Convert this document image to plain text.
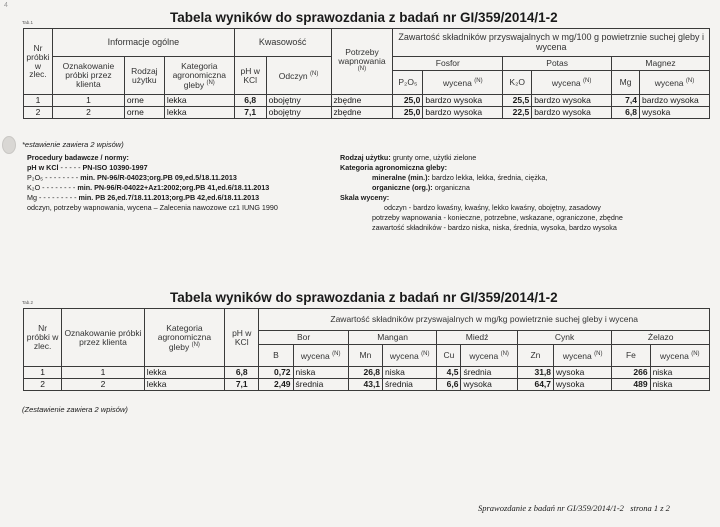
4
Tab.1	Tabela wyników do sprawozdania z badań nr GI/359/2014/1-2
Nr próbki w zlec.	Informacje ogólne			Kwasowość		Potrzeby wapnowania
$^{(N)}$	Zawartość składników przyswajalnych w mg/100 g powietrznie suchej gleby i wycena					
	Oznakowanie próbki przez klienta	Rodzaj użytku	Kategoria agronomiczna gleby $^{(N)}$	pH w KCl	Odczyn $^{(N)}$		Fosfor		Potas		Magnez	
							P₂O₅	wycena $^{(N)}$	K₂O	wycena $^{(N)}$	Mg	wycena $^{(N)}$
1	1	orne	lekka	6,8	obojętny	zbędne	25,0	bardzo wysoka	25,5	bardzo wysoka	7,4	bardzo wysoka
2	2	orne	lekka	7,1	obojętny	zbędne	25,0	bardzo wysoka	22,5	bardzo wysoka	6,8	wysoka
*estawienie zawiera 2 wpisów)
Procedury badawcze / normy:
pH w KCl - - - - - PN-ISO 10390-1997
P₂O₅ - - - - - - - - min. PN-96/R-04023;org.PB 09,ed.5/18.11.2013
K₂O - - - - - - - - min. PN-96/R-04022+Az1:2002;org.PB 41,ed.6/18.11.2013
Mg - - - - - - - - - min. PB 26,ed.7/18.11.2013;org.PB 42,ed.6/18.11.2013
odczyn, potrzeby wapnowania, wycena – Zalecenia nawozowe cz1 IUNG 1990
Rodzaj użytku: grunty orne, użytki zielone
Kategoria agronomiczna gleby:
mineralne (min.): bardzo lekka, lekka, średnia, ciężka,
organiczne (org.): organiczna
Skala wyceny:
odczyn - bardzo kwaśny, kwaśny, lekko kwaśny, obojętny, zasadowy
potrzeby wapnowania - konieczne, potrzebne, wskazane, ograniczone, zbędne
zawartość składników - bardzo niska, niska, średnia, wysoka, bardzo wysoka
Tab.2	Tabela wyników do sprawozdania z badań nr GI/359/2014/1-2
Nr próbki w zlec.	Oznakowanie próbki przez klienta	Kategoria agronomiczna gleby $^{(N)}$	pH w KCl	Zawartość składników przyswajalnych w mg/kg powietrznie suchej gleby i wycena									
				Bor		Mangan		Miedź		Cynk		Żelazo	
				B	wycena $^{(N)}$	Mn	wycena $^{(N)}$	Cu	wycena $^{(N)}$	Zn	wycena $^{(N)}$	Fe	wycena $^{(N)}$
1	1	lekka	6,8	0,72	niska	26,8	niska	4,5	średnia	31,8	wysoka	266	niska
2	2	lekka	7,1	2,49	średnia	43,1	średnia	6,6	wysoka	64,7	wysoka	489	niska
(Zestawienie zawiera 2 wpisów)
Sprawozdanie z badań nr GI/359/2014/1-2   strona 1 z 2
